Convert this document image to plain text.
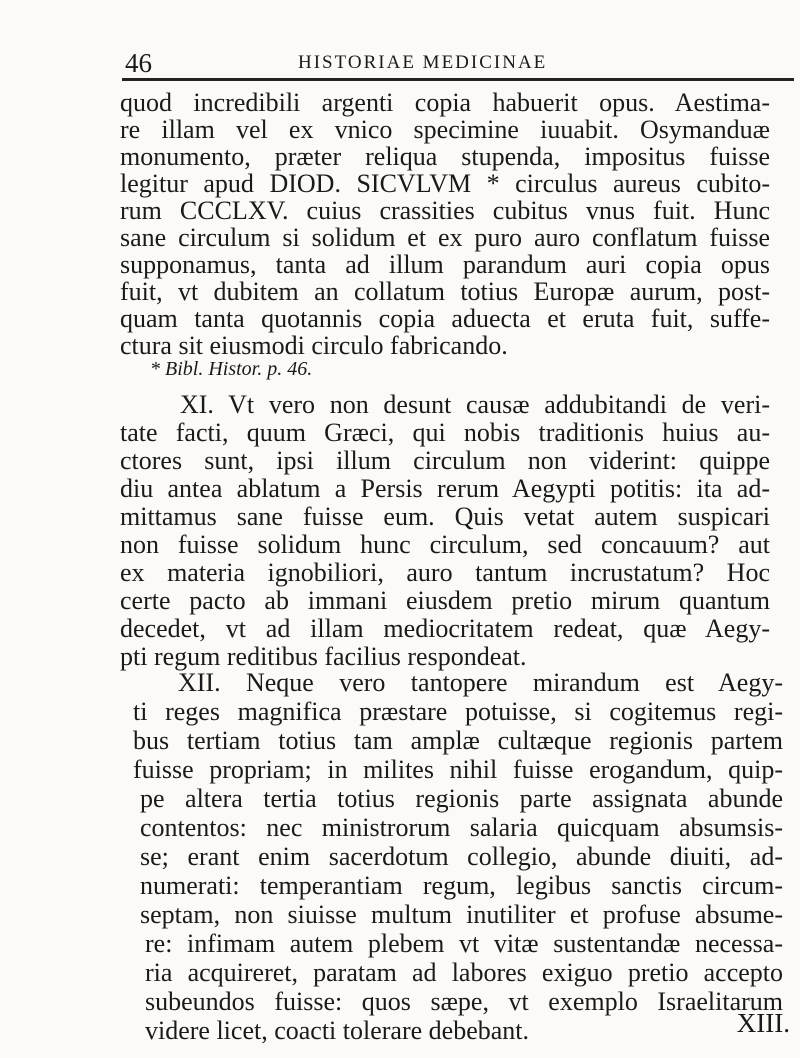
46	HISTORIAE MEDICINAE
quod incredibili argenti copia habuerit opus. Aestima-
re illam vel ex vnico specimine iuuabit. Osymanduæ
monumento, præter reliqua stupenda, impositus fuisse
legitur apud DIOD. SICVLVM * circulus aureus cubito-
rum CCCLXV. cuius crassities cubitus vnus fuit. Hunc
sane circulum si solidum et ex puro auro conflatum fuisse
supponamus, tanta ad illum parandum auri copia opus
fuit, vt dubitem an collatum totius Europæ aurum, post-
quam tanta quotannis copia aduecta et eruta fuit, suffe-
ctura sit eiusmodi circulo fabricando.
* Bibl. Histor. p. 46.
XI. Vt vero non desunt causæ addubitandi de veri-
tate facti, quum Græci, qui nobis traditionis huius au-
ctores sunt, ipsi illum circulum non viderint: quippe
diu antea ablatum a Persis rerum Aegypti potitis: ita ad-
mittamus sane fuisse eum. Quis vetat autem suspicari
non fuisse solidum hunc circulum, sed concauum? aut
ex materia ignobiliori, auro tantum incrustatum? Hoc
certe pacto ab immani eiusdem pretio mirum quantum
decedet, vt ad illam mediocritatem redeat, quæ Aegy-
pti regum reditibus facilius respondeat.
XII. Neque vero tantopere mirandum est Aegy-
ti reges magnifica præstare potuisse, si cogitemus regi-
bus tertiam totius tam amplæ cultæque regionis partem
fuisse propriam; in milites nihil fuisse erogandum, quip-
pe altera tertia totius regionis parte assignata abunde
contentos: nec ministrorum salaria quicquam absumsis-
se; erant enim sacerdotum collegio, abunde diuiti, ad-
numerati: temperantiam regum, legibus sanctis circum-
septam, non siuisse multum inutiliter et profuse absume-
re: infimam autem plebem vt vitæ sustentandæ necessa-
ria acquireret, paratam ad labores exiguo pretio accepto
subeundos fuisse: quos sæpe, vt exemplo Israelitarum
videre licet, coacti tolerare debebant.	XIII.
